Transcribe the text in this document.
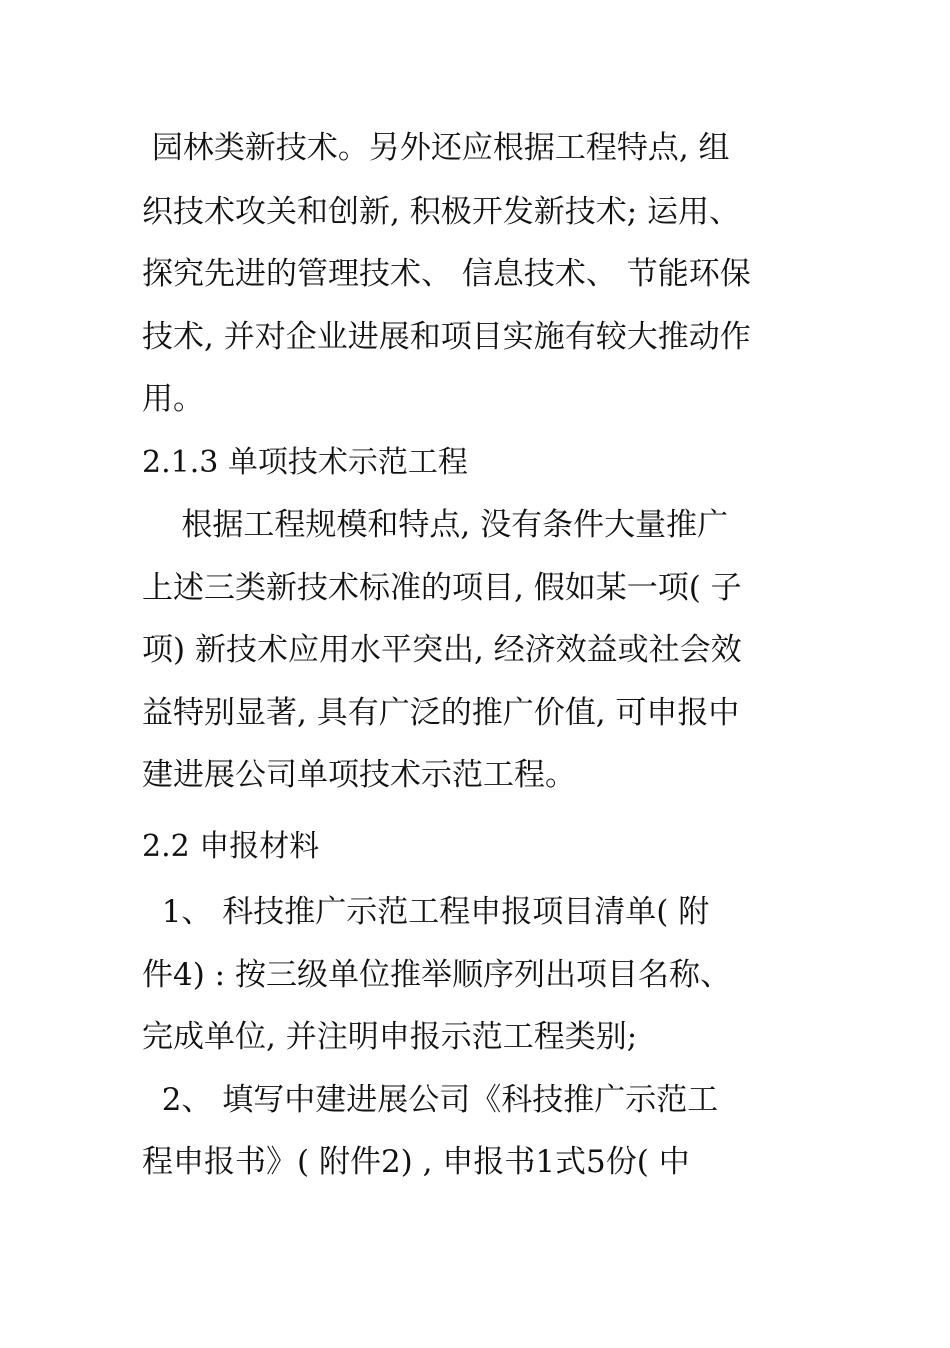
园林类新技术。另外还应根据工程特点, 组
织技术攻关和创新, 积极开发新技术; 运用、
探究先进的管理技术、 信息技术、 节能环保
技术, 并对企业进展和项目实施有较大推动作
用。
2.1.3 单项技术示范工程
根据工程规模和特点, 没有条件大量推广
上述三类新技术标准的项目, 假如某一项( 子
项) 新技术应用水平突出, 经济效益或社会效
益特别显著, 具有广泛的推广价值, 可申报中
建进展公司单项技术示范工程。
2.2 申报材料
1、 科技推广示范工程申报项目清单( 附
件4) : 按三级单位推举顺序列出项目名称、
完成单位, 并注明申报示范工程类别;
2、 填写中建进展公司《科技推广示范工
程申报书》( 附件2) , 申报书1式5份( 中
